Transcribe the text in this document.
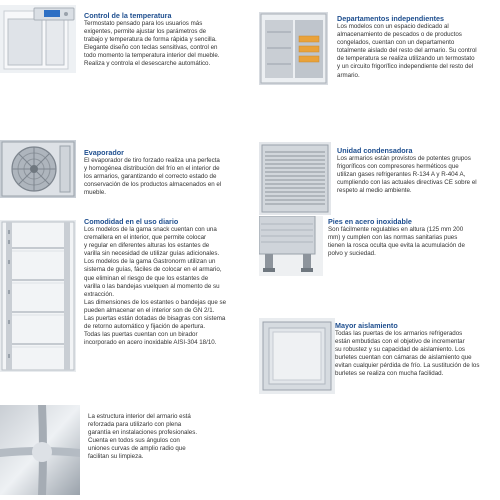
Control de la temperatura
Termostato pensado para los usuarios más
exigentes, permite ajustar los parámetros de
trabajo y temperatura de forma rápida y sencilla.
Elegante diseño con teclas sensitivas, control en
todo momento la temperatura interior del mueble.
Realiza y controla el desescarche automático.
Departamentos independientes
Los modelos con un espacio dedicado al
almacenamiento de pescados o de productos
congelados, cuentan con un departamento
totalmente aislado del resto del armario. Su control
de temperatura se realiza utilizando un termostato
y un circuito frigorífico independiente del resto del
armario.
Evaporador
El evaporador de tiro forzado realiza una perfecta
y homogénea distribución del frío en el interior de
los armarios, garantizando el correcto estado de
conservación de los productos almacenados en el
mueble.
Unidad condensadora
Los armarios están provistos de potentes grupos
frigoríficos con compresores herméticos que
utilizan gases refrigerantes R-134 A y R-404 A,
cumpliendo con las actuales directivas CE sobre el
respeto al medio ambiente.
Comodidad en el uso diario
Los modelos de la gama snack cuentan con una
cremallera en el interior, que permite colocar
y regular en diferentes alturas los estantes de
varilla sin necesidad de utilizar guías adicionales.
Los modelos de la gama Gastronorm utilizan un
sistema de guías, fáciles de colocar en el armario,
que eliminan el riesgo de que los estantes de
varilla o las bandejas vuelquen al momento de su
extracción.
Las dimensiones de los estantes o bandejas que se
pueden almacenar en el interior son de GN 2/1.
Las puertas están dotadas de bisagras con sistema
de retorno automático y fijación de apertura.
Todas las puertas cuentan con un birador
incorporado en acero inoxidable AISI-304 18/10.
Pies en acero inoxidable
Son fácilmente regulables en altura (125 mm 200
mm) y cumplen con las normas sanitarias pues
tienen la rosca oculta que evita la acumulación de
polvo y suciedad.
Mayor aislamiento
Todas las puertas de los armarios refrigerados
están embutidas con el objetivo de incrementar
su robustez y su capacidad de aislamiento. Los
burletes cuentan con cámaras de aislamiento que
evitan cualquier pérdida de frío. La sustitución de los
burletes se realiza con mucha facilidad.
La estructura interior del armario está
reforzada para utilizarlo con plena
garantía en instalaciones profesionales.
Cuenta en todos sus ángulos con
uniones curvas de amplio radio que
facilitan su limpieza.
